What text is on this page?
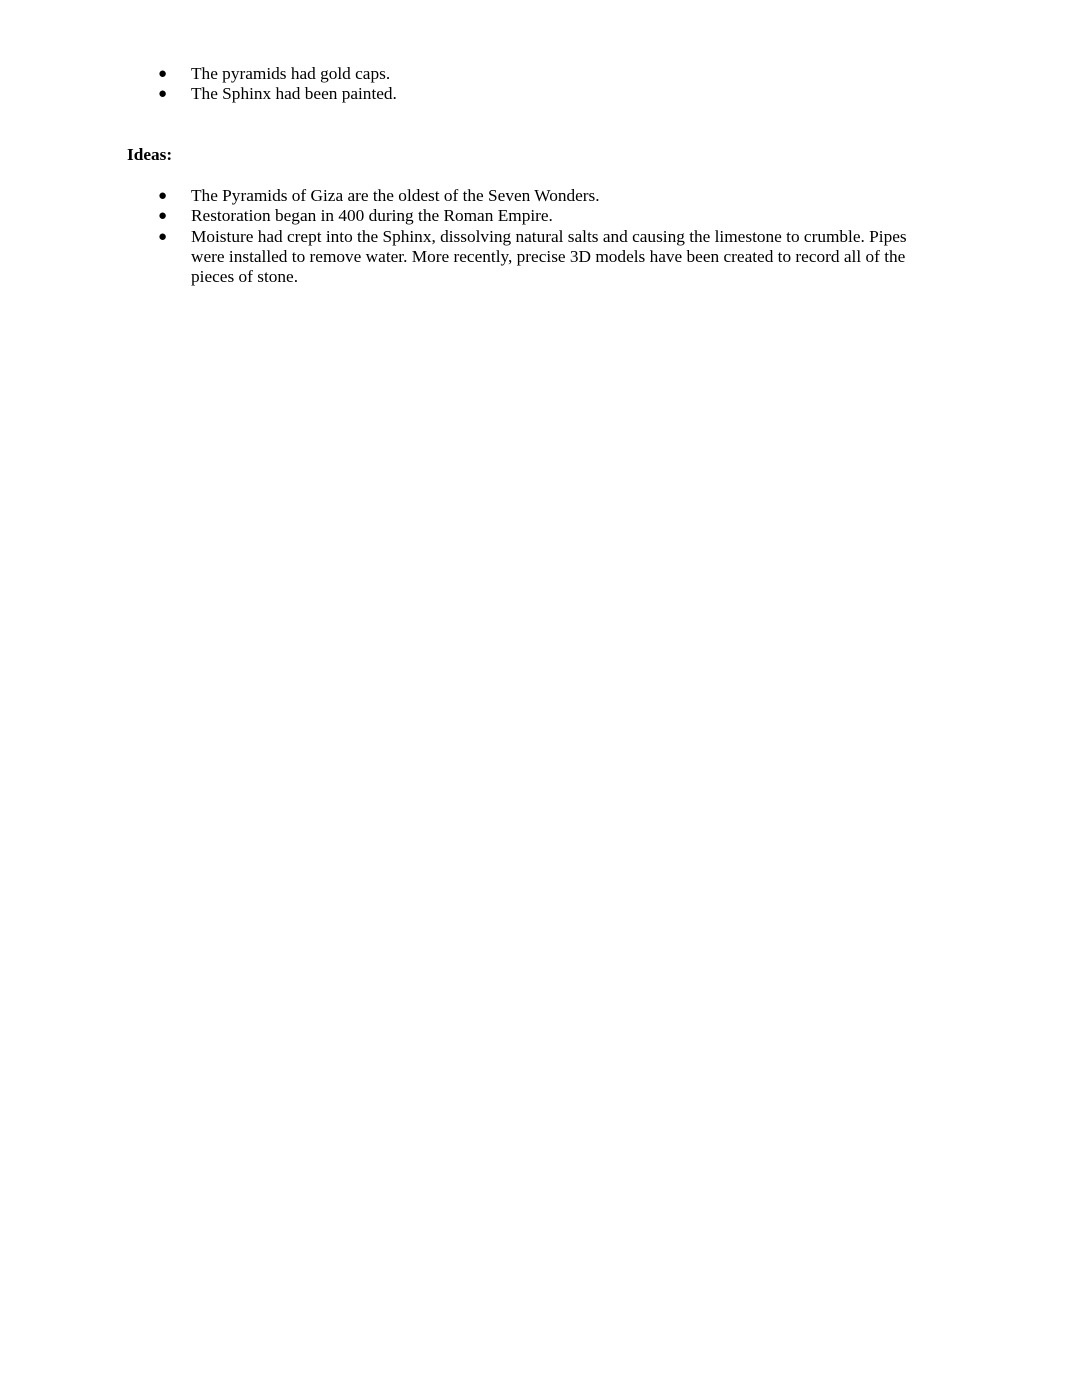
● The pyramids had gold caps.
● The Sphinx had been painted.
Ideas:
● The Pyramids of Giza are the oldest of the Seven Wonders.
● Restoration began in 400 during the Roman Empire.
● Moisture had crept into the Sphinx, dissolving natural salts and causing the limestone to crumble. Pipes were installed to remove water. More recently, precise 3D models have been created to record all of the pieces of stone.
